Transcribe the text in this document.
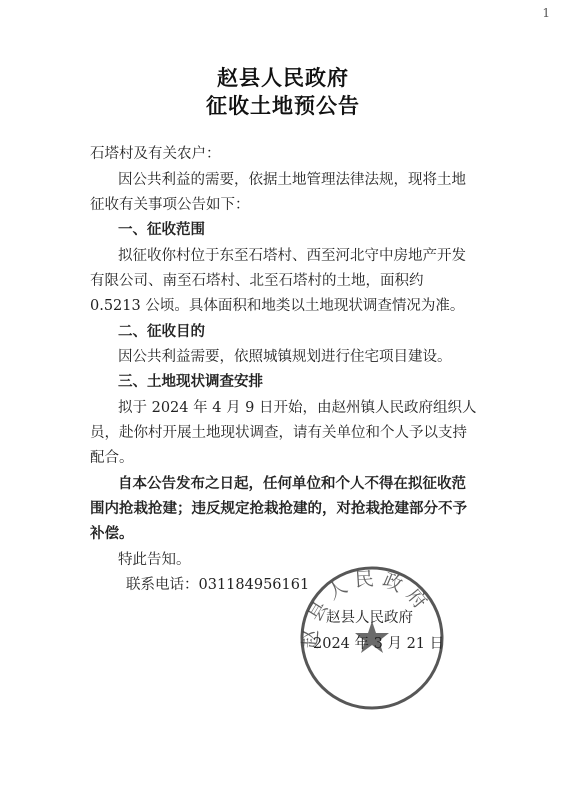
1
赵县人民政府
征收土地预公告
石塔村及有关农户：
因公共利益的需要，依据土地管理法律法规，现将土地
征收有关事项公告如下：
一、征收范围
拟征收你村位于东至石塔村、西至河北守中房地产开发
有限公司、南至石塔村、北至石塔村的土地，面积约
0.5213 公顷。具体面积和地类以土地现状调查情况为准。
二、征收目的
因公共利益需要，依照城镇规划进行住宅项目建设。
三、土地现状调查安排
拟于 2024 年 4 月 9 日开始，由赵州镇人民政府组织人
员，赴你村开展土地现状调查，请有关单位和个人予以支持
配合。
自本公告发布之日起，任何单位和个人不得在拟征收范
围内抢栽抢建；违反规定抢栽抢建的，对抢栽抢建部分不予
补偿。
特此告知。
联系电话：031184956161
赵县人民政府
赵县人民政府
2024 年 3 月 21 日
